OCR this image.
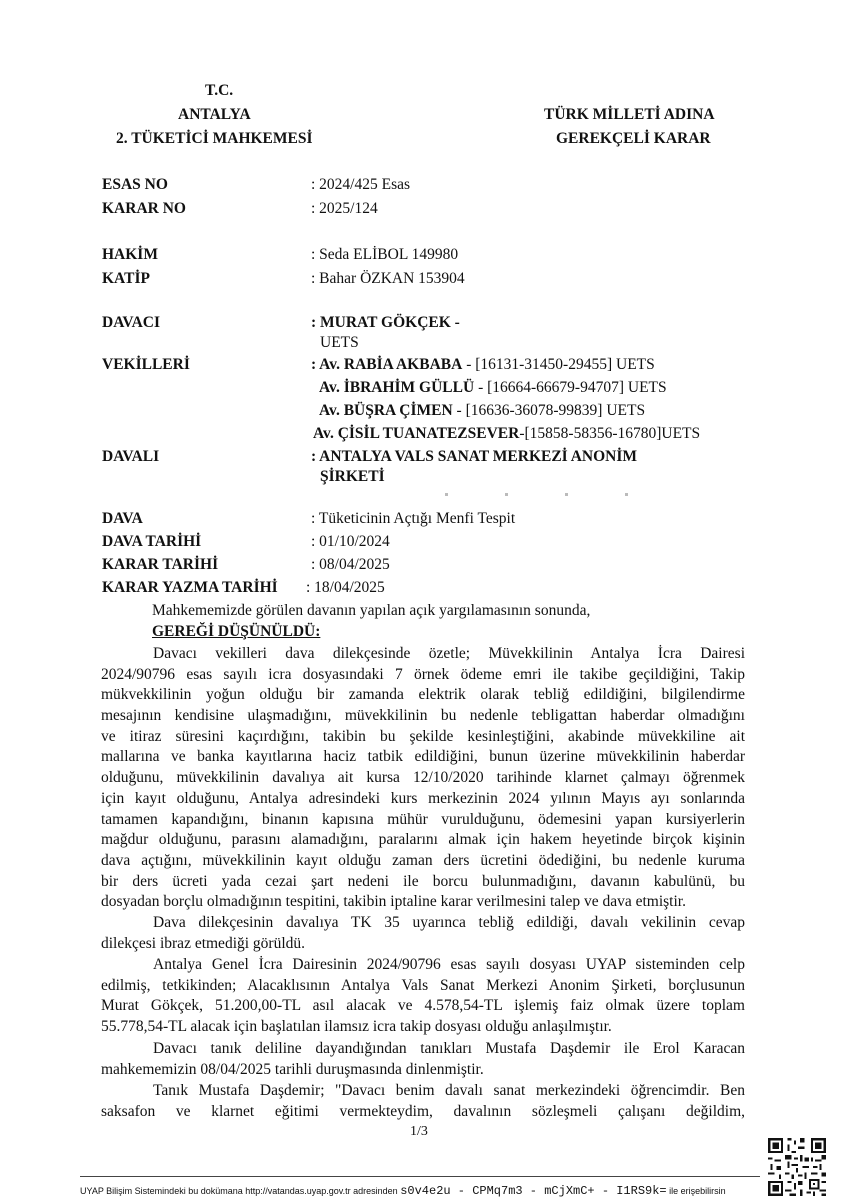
T.C.
ANTALYA
2. TÜKETİCİ MAHKEMESİ
TÜRK MİLLETİ ADINA
GEREKÇELİ KARAR
ESAS NO	: 2024/425 Esas
KARAR NO	: 2025/124
HAKİM	: Seda ELİBOL 149980
KATİP	: Bahar ÖZKAN 153904
DAVACI	: MURAT GÖKÇEK -
UETS
VEKİLLERİ	: Av. RABİA AKBABA - [16131-31450-29455] UETS
Av. İBRAHİM GÜLLÜ - [16664-66679-94707] UETS
Av. BÜŞRA ÇİMEN - [16636-36078-99839] UETS
Av. ÇİSİL TUANATEZSEVER-[15858-58356-16780]UETS
DAVALI	: ANTALYA VALS SANAT MERKEZİ ANONİM
ŞİRKETİ
DAVA	: Tüketicinin Açtığı Menfi Tespit
DAVA TARİHİ	: 01/10/2024
KARAR TARİHİ	: 08/04/2025
KARAR YAZMA TARİHİ : 18/04/2025
Mahkememizde görülen davanın yapılan açık yargılamasının sonunda,
GEREĞİ DÜŞÜNÜLDÜ:
Davacı vekilleri dava dilekçesinde özetle; Müvekkilinin Antalya İcra Dairesi
2024/90796 esas sayılı icra dosyasındaki 7 örnek ödeme emri ile takibe geçildiğini, Takip
mükvekkilinin yoğun olduğu bir zamanda elektrik olarak tebliğ edildiğini, bilgilendirme
mesajının kendisine ulaşmadığını, müvekkilinin bu nedenle tebligattan haberdar olmadığını
ve itiraz süresini kaçırdığını, takibin bu şekilde kesinleştiğini, akabinde müvekkiline ait
mallarına ve banka kayıtlarına haciz tatbik edildiğini, bunun üzerine müvekkilinin haberdar
olduğunu, müvekkilinin davalıya ait kursa 12/10/2020 tarihinde klarnet çalmayı öğrenmek
için kayıt olduğunu, Antalya adresindeki kurs merkezinin 2024 yılının Mayıs ayı sonlarında
tamamen kapandığını, binanın kapısına mühür vurulduğunu, ödemesini yapan kursiyerlerin
mağdur olduğunu, parasını alamadığını, paralarını almak için hakem heyetinde birçok kişinin
dava açtığını, müvekkilinin kayıt olduğu zaman ders ücretini ödediğini, bu nedenle kuruma
bir ders ücreti yada cezai şart nedeni ile borcu bulunmadığını, davanın kabulünü, bu
dosyadan borçlu olmadığının tespitini, takibin iptaline karar verilmesini talep ve dava etmiştir.
Dava dilekçesinin davalıya TK 35 uyarınca tebliğ edildiği, davalı vekilinin cevap
dilekçesi ibraz etmediği görüldü.
Antalya Genel İcra Dairesinin 2024/90796 esas sayılı dosyası UYAP sisteminden celp
edilmiş, tetkikinden; Alacaklısının Antalya Vals Sanat Merkezi Anonim Şirketi, borçlusunun
Murat Gökçek, 51.200,00-TL asıl alacak ve 4.578,54-TL işlemiş faiz olmak üzere toplam
55.778,54-TL alacak için başlatılan ilamsız icra takip dosyası olduğu anlaşılmıştır.
Davacı tanık deliline dayandığından tanıkları Mustafa Daşdemir ile Erol Karacan
mahkememizin 08/04/2025 tarihli duruşmasında dinlenmiştir.
Tanık Mustafa Daşdemir; "Davacı benim davalı sanat merkezindeki öğrencimdir. Ben
saksafon ve klarnet eğitimi vermekteydim, davalının sözleşmeli çalışanı değildim,
1/3
UYAP Bilişim Sistemindeki bu dokümana http://vatandas.uyap.gov.tr adresinden s0v4e2u - CPMq7m3 - mCjXmC+ - I1RS9k= ile erişebilirsin
